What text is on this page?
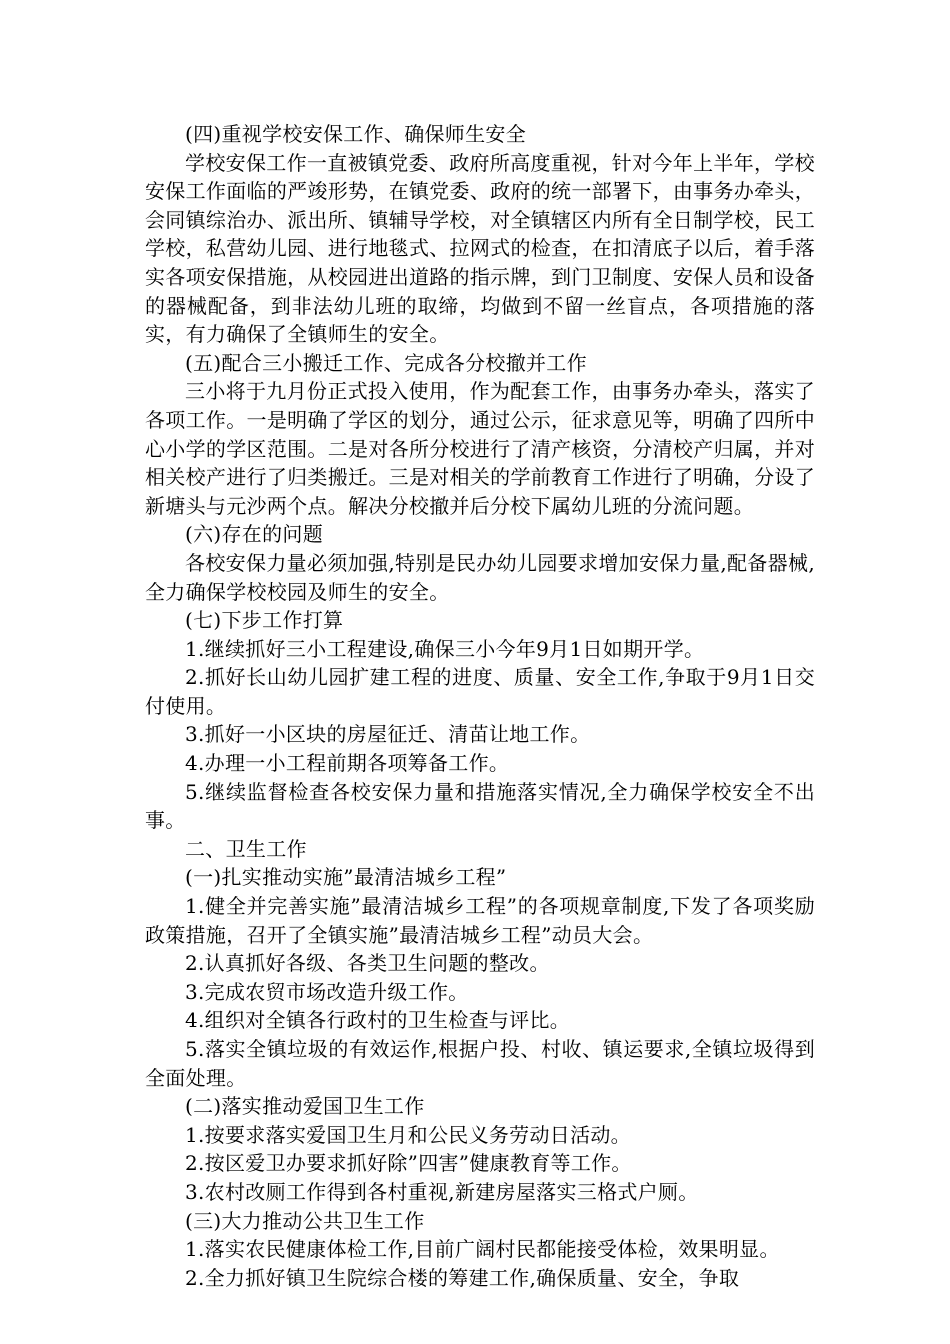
(四)重视学校安保工作、确保师生安全

学校安保工作一直被镇党委、政府所高度重视，针对今年上半年，学校安保工作面临的严竣形势，在镇党委、政府的统一部署下，由事务办牵头，会同镇综治办、派出所、镇辅导学校，对全镇辖区内所有全日制学校，民工学校，私营幼儿园、进行地毯式、拉网式的检查，在扣清底子以后，着手落实各项安保措施，从校园进出道路的指示牌，到门卫制度、安保人员和设备的器械配备，到非法幼儿班的取缔，均做到不留一丝盲点，各项措施的落实，有力确保了全镇师生的安全。

(五)配合三小搬迁工作、完成各分校撤并工作

三小将于九月份正式投入使用，作为配套工作，由事务办牵头，落实了各项工作。一是明确了学区的划分，通过公示，征求意见等，明确了四所中心小学的学区范围。二是对各所分校进行了清产核资，分清校产归属，并对相关校产进行了归类搬迁。三是对相关的学前教育工作进行了明确，分设了新塘头与元沙两个点。解决分校撤并后分校下属幼儿班的分流问题。

(六)存在的问题

各校安保力量必须加强,特别是民办幼儿园要求增加安保力量,配备器械,全力确保学校校园及师生的安全。

(七)下步工作打算

1.继续抓好三小工程建设,确保三小今年9月1日如期开学。

2.抓好长山幼儿园扩建工程的进度、质量、安全工作,争取于9月1日交付使用。

3.抓好一小区块的房屋征迁、清苗让地工作。

4.办理一小工程前期各项筹备工作。

5.继续监督检查各校安保力量和措施落实情况,全力确保学校安全不出事。

二、卫生工作

(一)扎实推动实施”最清洁城乡工程”

1.健全并完善实施”最清洁城乡工程”的各项规章制度,下发了各项奖励政策措施，召开了全镇实施”最清洁城乡工程”动员大会。

2.认真抓好各级、各类卫生问题的整改。

3.完成农贸市场改造升级工作。

4.组织对全镇各行政村的卫生检查与评比。

5.落实全镇垃圾的有效运作,根据户投、村收、镇运要求,全镇垃圾得到全面处理。

(二)落实推动爱国卫生工作

1.按要求落实爱国卫生月和公民义务劳动日活动。

2.按区爱卫办要求抓好除”四害”健康教育等工作。

3.农村改厕工作得到各村重视,新建房屋落实三格式户厕。

(三)大力推动公共卫生工作

1.落实农民健康体检工作,目前广阔村民都能接受体检，效果明显。

2.全力抓好镇卫生院综合楼的筹建工作,确保质量、安全，争取
